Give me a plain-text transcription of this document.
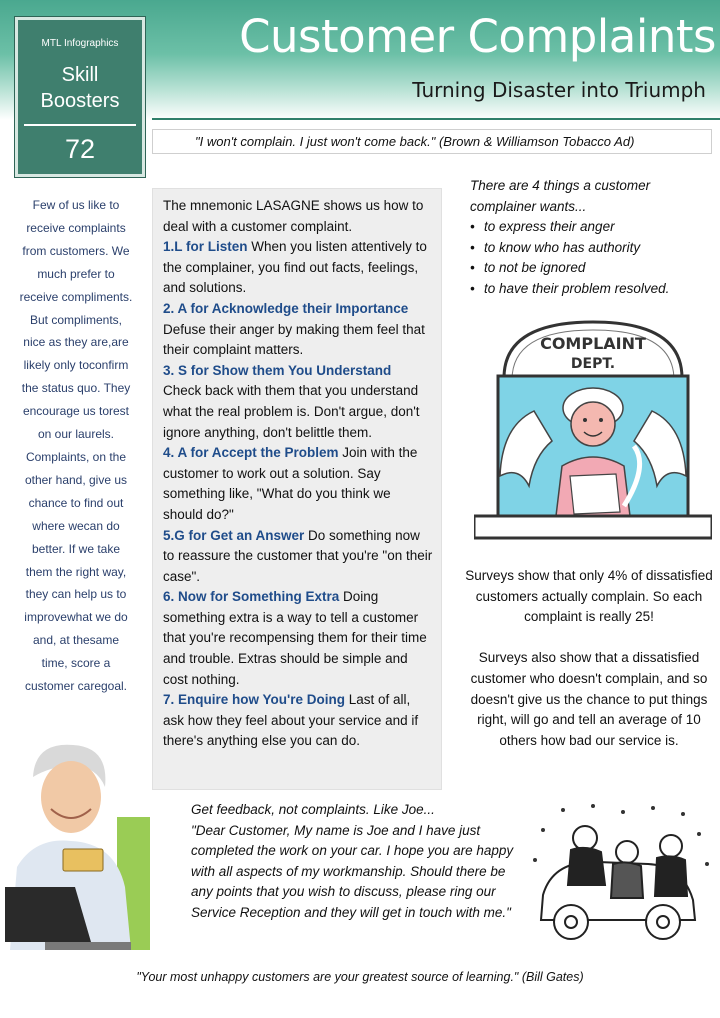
Customer Complaints
Turning Disaster into Triumph
MTL Infographics
Skill
Boosters
72	"I won't complain. I just won't come back." (Brown & Williamson Tobacco Ad)
Few of us like to
receive complaints
from customers. We
much prefer to
receive compliments.
But compliments,
nice as they are,are
likely only toconfirm
the status quo. They
encourage us torest
on our laurels.
Complaints, on the
other hand, give us
chance to find out
where wecan do
better. If we take
them the right way,
they can help us to
improvewhat we do
and, at thesame
time, score a
customer caregoal.

The mnemonic LASAGNE shows us how to deal with a customer complaint.

1.L for Listen When you listen attentively to the complainer, you find out facts, feelings, and solutions.

2. A for Acknowledge their Importance Defuse their anger by making them feel that their complaint matters.

3. S for Show them You Understand Check back with them that you understand what the real problem is. Don't argue, don't ignore anything, don't belittle them.

4. A for Accept the Problem Join with the customer to work out a solution. Say something like, "What do you think we should do?"

5.G for Get an Answer Do something now to reassure the customer that you're "on their case".

6. Now for Something Extra Doing something extra is a way to tell a customer that you're recompensing them for their time and trouble. Extras should be simple and cost nothing.

7. Enquire how You're Doing Last of all, ask how they feel about your service and if there's anything else you can do.

There are 4 things a customer complainer wants...

• to express their anger
• to know who has authority
• to not be ignored
• to have their problem resolved.
COMPLAINT
DEPT.

Surveys show that only 4% of dissatisfied customers actually complain. So each complaint is really 25!

Surveys also show that a dissatisfied customer who doesn't complain, and so doesn't give us the chance to put things right, will go and tell an average of 10 others how bad our service is.

Get feedback, not complaints. Like Joe...

"Dear Customer, My name is Joe and I have just completed the work on your car. I hope you are happy with all aspects of my workmanship. Should there be any points that you wish to discuss, please ring our Service Reception and they will get in touch with me."

"Your most unhappy customers are your greatest source of learning." (Bill Gates)
